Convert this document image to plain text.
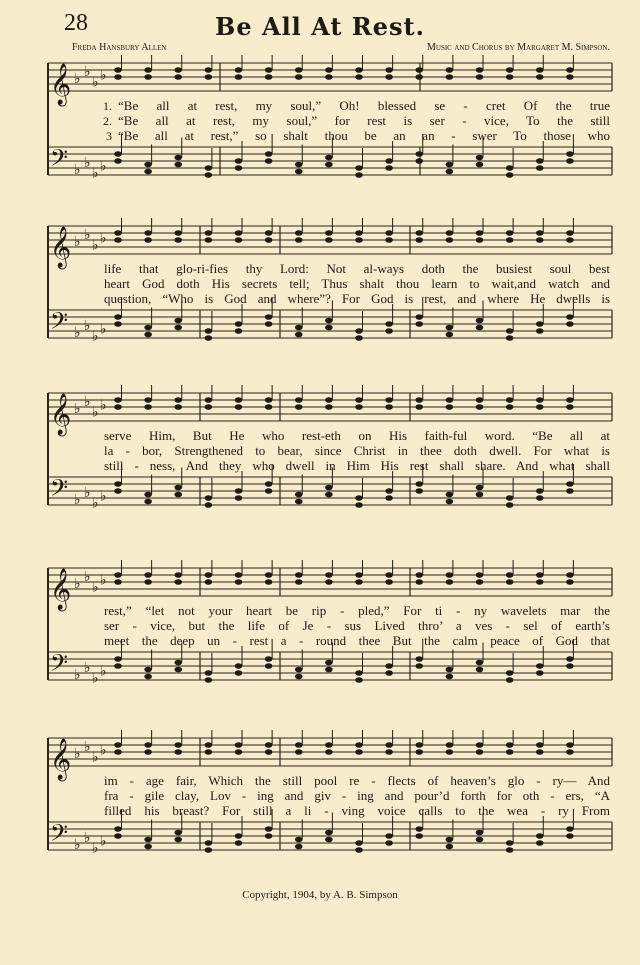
28	Be All At Rest.
Freda Hansbury Allen	Music and Chorus by Margaret M. Simpson.
𝄞
𝄢
♭
♭
♭
♭
♭
♭
♭
♭
1. “Be all at rest, my soul,” Oh! blessed se - cret Of the true
2. “Be all at rest, my soul,” for rest is ser - vice, To the still
3 “Be all at rest,” so shalt thou be an an - swer To those who
𝄞
𝄢
♭
♭
♭
♭
♭
♭
♭
♭
life that glo-ri-fies thy Lord: Not al-ways doth the busiest soul best
heart God doth His secrets tell; Thus shalt thou learn to wait,and watch and
question, “Who is God and where”? For God is rest, and where He dwells is
𝄞
𝄢
♭
♭
♭
♭
♭
♭
♭
♭
serve Him, But He who rest-eth on His faith-ful word. “Be all at
la - bor, Strengthened to bear, since Christ in thee doth dwell. For what is
still - ness, And they who dwell in Him His rest shall share. And what shall
𝄞
𝄢
♭
♭
♭
♭
♭
♭
♭
♭
rest,” “let not your heart be rip - pled,” For ti - ny wavelets mar the
ser - vice, but the life of Je - sus Lived thro’ a ves - sel of earth’s
meet the deep un - rest a - round thee But the calm peace of God that
𝄞
𝄢
♭
♭
♭
♭
♭
♭
♭
♭
im - age fair, Which the still pool re - flects of heaven’s glo - ry— And
fra - gile clay, Lov - ing and giv - ing and pour’d forth for oth - ers, “A
filled his breast? For still a li - ving voice calls to the wea - ry From
Copyright, 1904, by A. B. Simpson
